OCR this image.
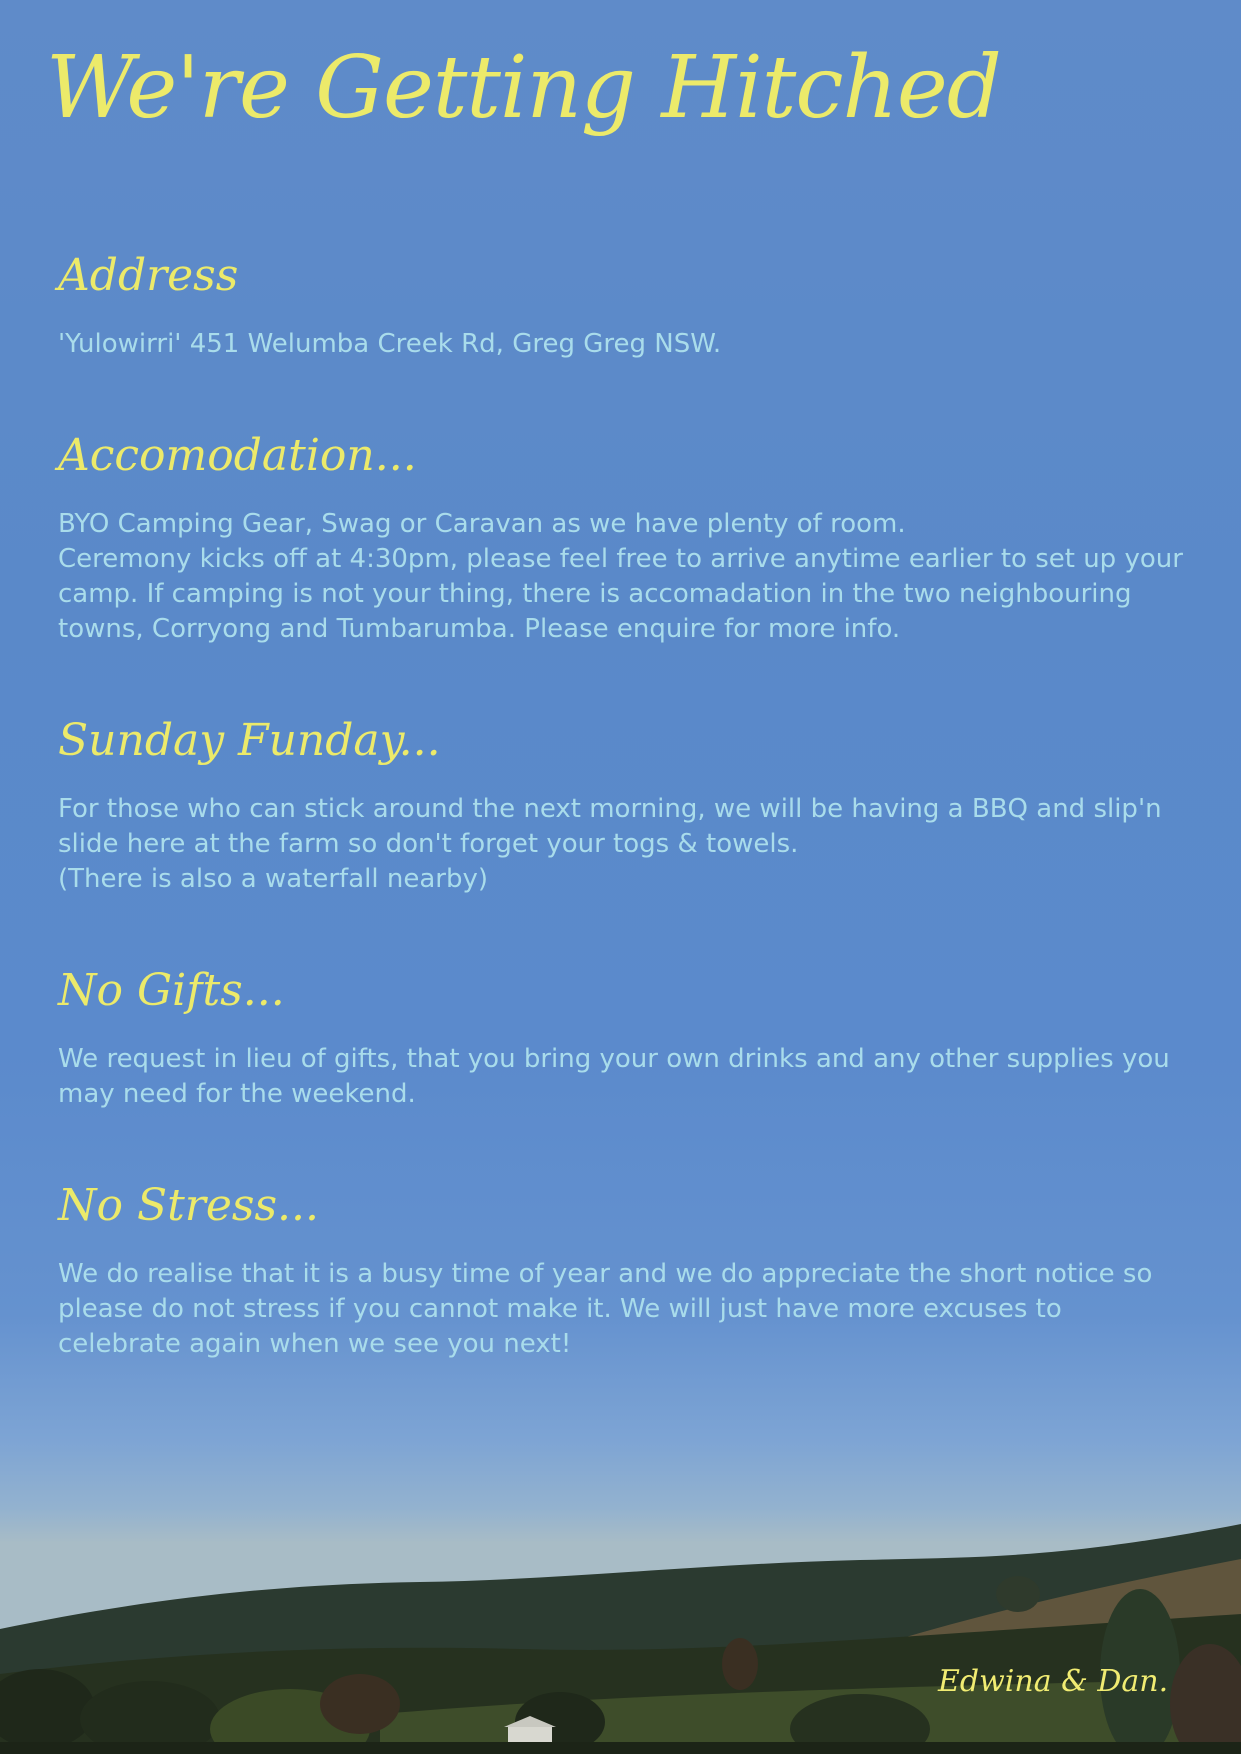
We're Getting Hitched
Address

'Yulowirri' 451 Welumba Creek Rd, Greg Greg NSW.

Accomodation...

BYO Camping Gear, Swag or Caravan as we have plenty of room.
Ceremony kicks off at 4:30pm, please feel free to arrive anytime earlier to set up your camp. If camping is not your thing, there is accomadation in the two neighbouring towns, Corryong and Tumbarumba. Please enquire for more info.

Sunday Funday...

For those who can stick around the next morning, we will be having a BBQ and slip'n slide here at the farm so don't forget your togs & towels.
(There is also a waterfall nearby)

No Gifts...

We request in lieu of gifts, that you bring your own drinks and any other supplies you may need for the weekend.

No Stress...

We do realise that it is a busy time of year and we do appreciate the short notice so please do not stress if you cannot make it. We will just have more excuses to celebrate again when we see you next!

Edwina & Dan.
